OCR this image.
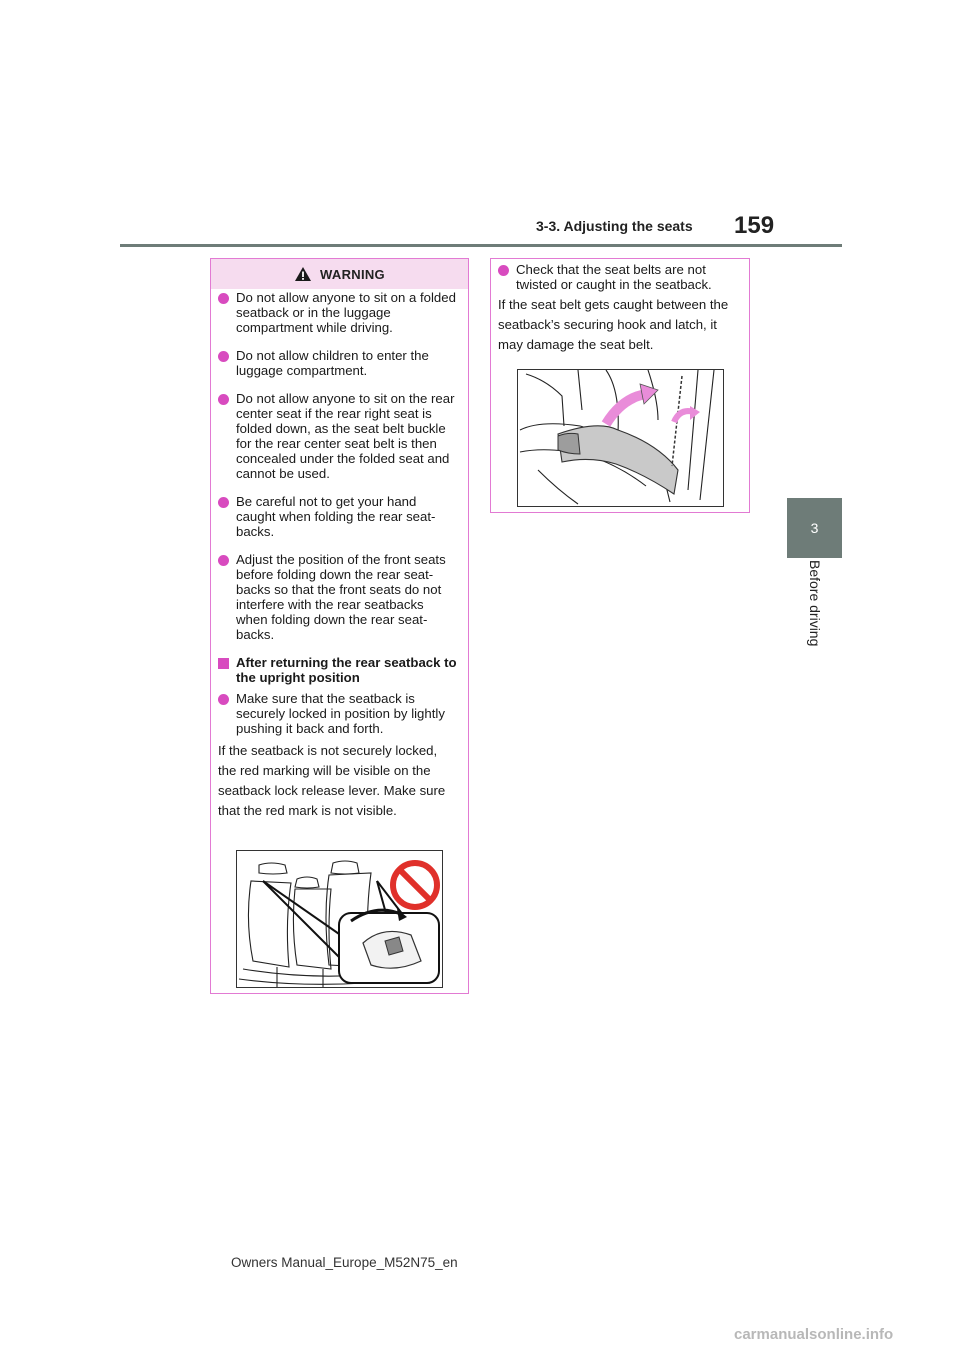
3-3. Adjusting the seats 159
3
Before driving
WARNING
Do not allow anyone to sit on a folded seatback or in the luggage compartment while driving.
Do not allow children to enter the luggage compartment.
Do not allow anyone to sit on the rear center seat if the rear right seat is folded down, as the seat belt buckle for the rear center seat belt is then concealed under the folded seat and cannot be used.
Be careful not to get your hand caught when folding the rear seat-backs.
Adjust the position of the front seats before folding down the rear seat-backs so that the front seats do not interfere with the rear seatbacks when folding down the rear seat-backs.
After returning the rear seatback to the upright position
Make sure that the seatback is securely locked in position by lightly pushing it back and forth.
If the seatback is not securely locked, the red marking will be visible on the seatback lock release lever. Make sure that the red mark is not visible.
Check that the seat belts are not twisted or caught in the seatback.
If the seat belt gets caught between the seatback’s securing hook and latch, it may damage the seat belt.
Owners Manual_Europe_M52N75_en
carmanualsonline.info
